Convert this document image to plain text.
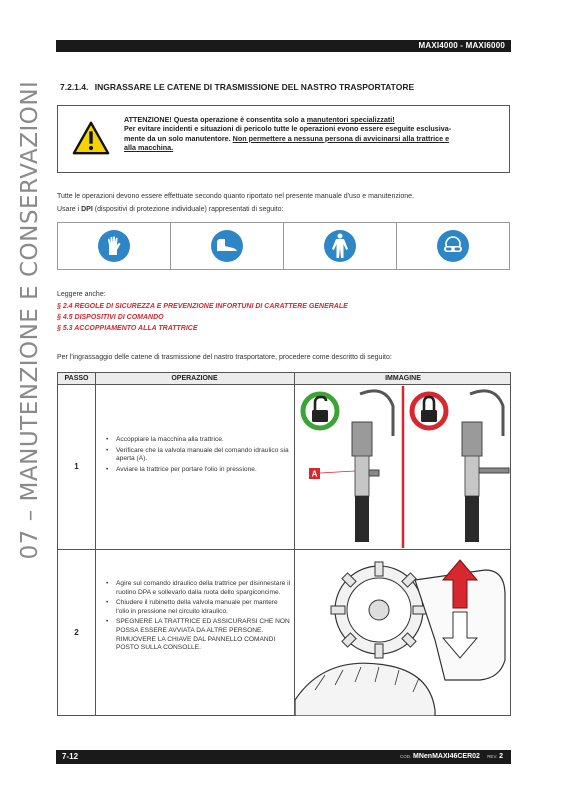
MAXI4000 - MAXI6000
07 – MANUTENZIONE E CONSERVAZIONI 7.2.1.4. INGRASSARE LE CATENE DI TRASMISSIONE DEL NASTRO TRASPORTATORE
ATTENZIONE! Questa operazione è consentita solo a manutentori specializzati!
Per evitare incidenti e situazioni di pericolo tutte le operazioni evono essere eseguite esclusiva-
mente da un solo manutentore. Non permettere a nessuna persona di avvicinarsi alla trattrice e
alla macchina.
Tutte le operazioni devono essere effettuate secondo quanto riportato nel presente manuale d'uso e manutenzione.
Usare i DPI (dispositivi di protezione individuale) rappresentati di seguito:
Leggere anche:
§ 2.4 REGOLE DI SICUREZZA E PREVENZIONE INFORTUNI DI CARATTERE GENERALE
§ 4.5 DISPOSITIVI DI COMANDO
§ 5.3 ACCOPPIAMENTO ALLA TRATTRICE
Per l'ingrassaggio delle catene di trasmissione del nastro trasportatore, procedere come descritto di seguito:
PASSO	OPERAZIONE	IMMAGINE
1
• Accoppiare la macchina alla trattrice.
• Verificare che la valvola manuale del comando idraulico sia aperta (A).
• Avviare la trattrice per portare l'olio in pressione.
A
2
• Agire sul comando idraulico della trattrice per disinnestare il ruotino DPA e sollevarlo dalla ruota dello spargiconcime.
• Chiudere il rubinetto della valvola manuale per mantere l'olio in pressione nel circuito idraulico.
• SPEGNERE LA TRATTRICE ED ASSICURARSI CHE NON POSSA ESSERE AVVIATA DA ALTRE PERSONE. RIMUOVERE LA CHIAVE DAL PANNELLO COMANDI POSTO SULLA CONSOLLE.
7-12	COD. MNenMAXI46CER02 REV. 2
